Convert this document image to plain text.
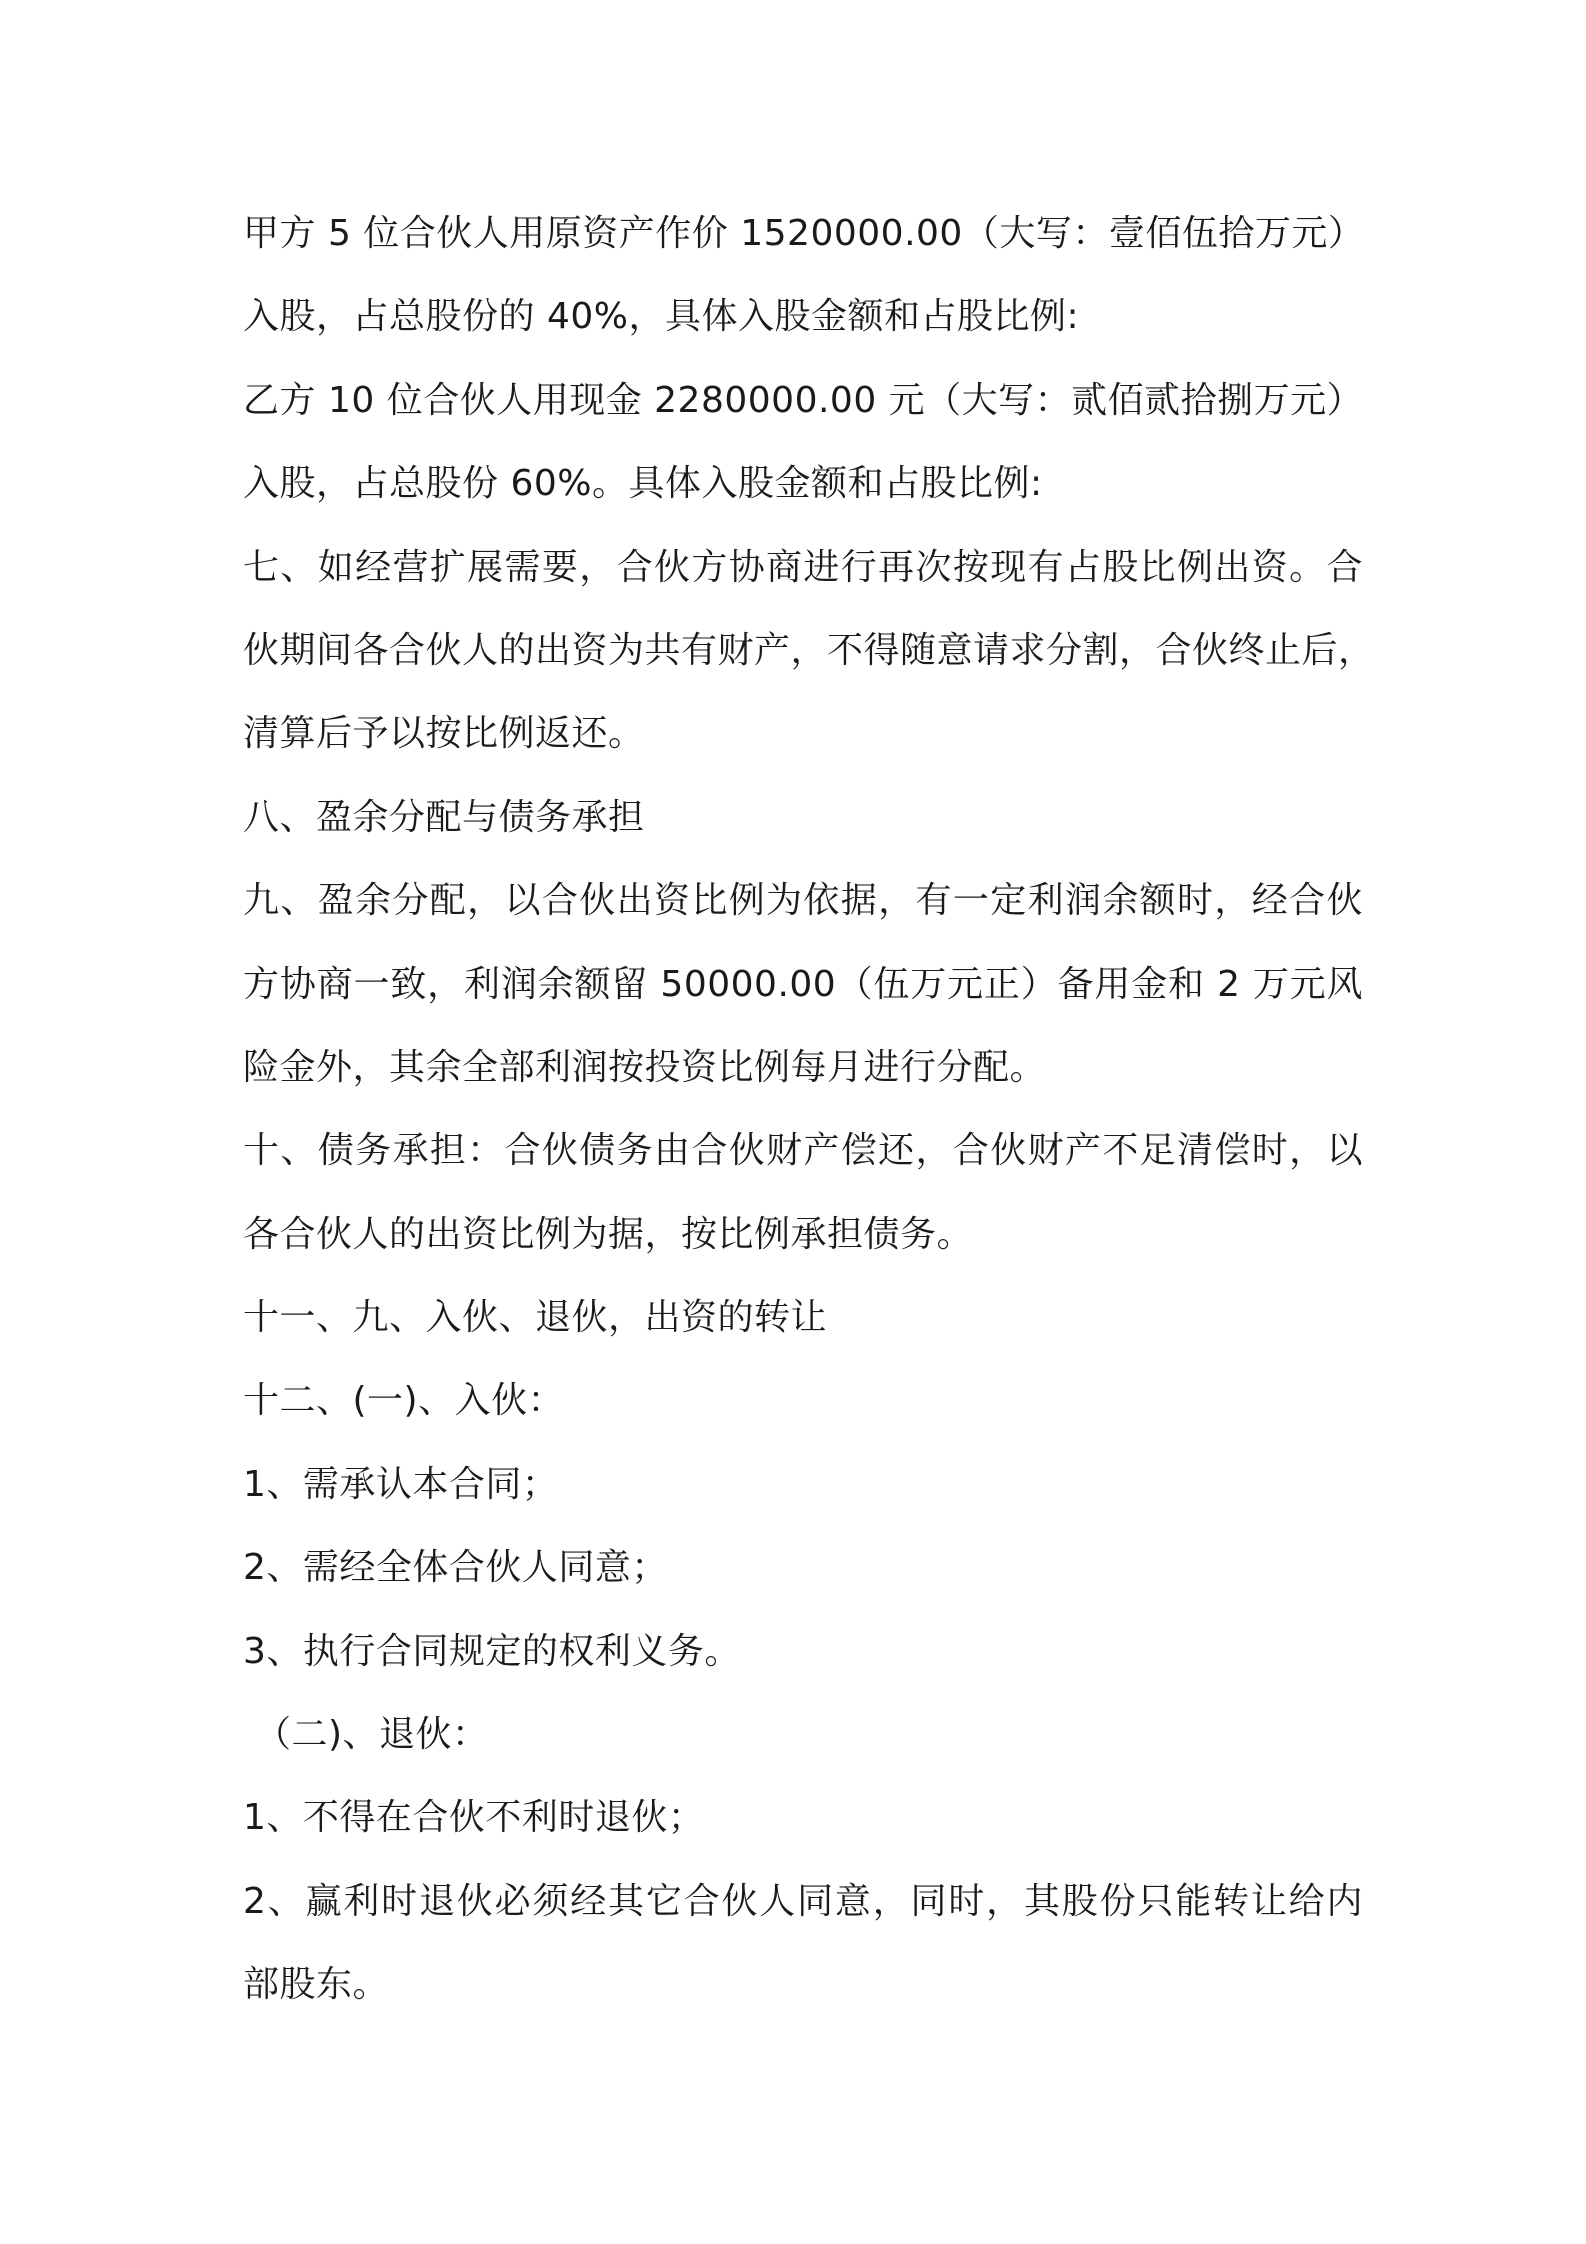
甲方 5 位合伙人用原资产作价 1520000.00（大写：壹佰伍拾万元）
入股，占总股份的 40%，具体入股金额和占股比例:
乙方 10 位合伙人用现金 2280000.00 元（大写：贰佰贰拾捌万元）
入股，占总股份 60%。具体入股金额和占股比例:
七、如经营扩展需要，合伙方协商进行再次按现有占股比例出资。合
伙期间各合伙人的出资为共有财产，不得随意请求分割，合伙终止后，
清算后予以按比例返还。
八、盈余分配与债务承担
九、盈余分配，以合伙出资比例为依据，有一定利润余额时，经合伙
方协商一致，利润余额留 50000.00（伍万元正）备用金和 2 万元风
险金外，其余全部利润按投资比例每月进行分配。
十、债务承担：合伙债务由合伙财产偿还，合伙财产不足清偿时，以
各合伙人的出资比例为据，按比例承担债务。
十一、九、入伙、退伙，出资的转让
十二、(一)、入伙：
1、需承认本合同；
2、需经全体合伙人同意；
3、执行合同规定的权利义务。
（二)、退伙：
1、不得在合伙不利时退伙；
2、赢利时退伙必须经其它合伙人同意，同时，其股份只能转让给内
部股东。
